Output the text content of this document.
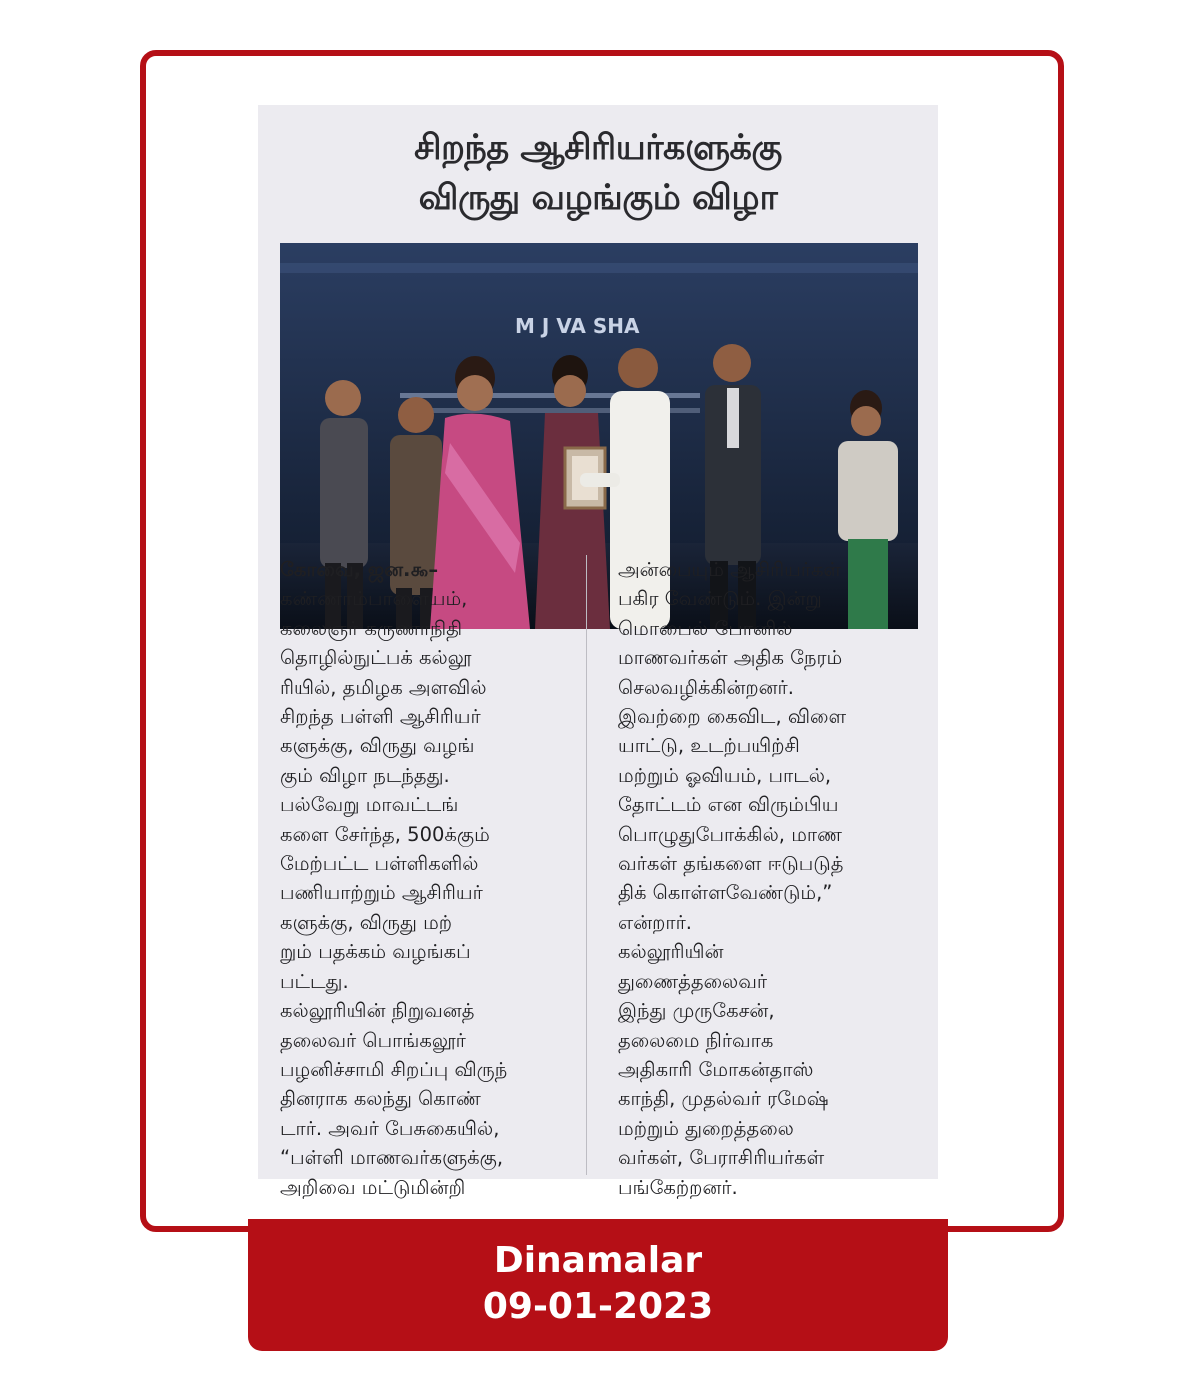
சிறந்த ஆசிரியர்களுக்கு
விருது வழங்கும் விழா
M J VA SHA
கோவை, ஜன.௯–
கண்ணாம்பாளையம்,
கலைஞர் கருணாநிதி
தொழில்நுட்பக் கல்லூ
ரியில், தமிழக அளவில்
சிறந்த பள்ளி ஆசிரியர்
களுக்கு, விருது வழங்
கும் விழா நடந்தது.
பல்வேறு மாவட்டங்
களை சேர்ந்த, 500க்கும்
மேற்பட்ட பள்ளிகளில்
பணியாற்றும் ஆசிரியர்
களுக்கு, விருது மற்
றும் பதக்கம் வழங்கப்
பட்டது.
கல்லூரியின் நிறுவனத்
தலைவர் பொங்கலூர்
பழனிச்சாமி சிறப்பு விருந்
தினராக கலந்து கொண்
டார். அவர் பேசுகையில்,
“பள்ளி மாணவர்களுக்கு,
அறிவை மட்டுமின்றி
அன்பையும் ஆசிரியர்கள்
பகிர வேண்டும். இன்று
மொபைல் போனில்
மாணவர்கள் அதிக நேரம்
செலவழிக்கின்றனர்.
இவற்றை கைவிட, விளை
யாட்டு, உடற்பயிற்சி
மற்றும் ஓவியம், பாடல்,
தோட்டம் என விரும்பிய
பொழுதுபோக்கில், மாண
வர்கள் தங்களை ஈடுபடுத்
திக் கொள்ளவேண்டும்,”
என்றார்.
கல்லூரியின்
துணைத்தலைவர்
இந்து முருகேசன்,
தலைமை நிர்வாக
அதிகாரி மோகன்தாஸ்
காந்தி, முதல்வர் ரமேஷ்
மற்றும் துறைத்தலை
வர்கள், பேராசிரியர்கள்
பங்கேற்றனர்.
Dinamalar
09-01-2023
